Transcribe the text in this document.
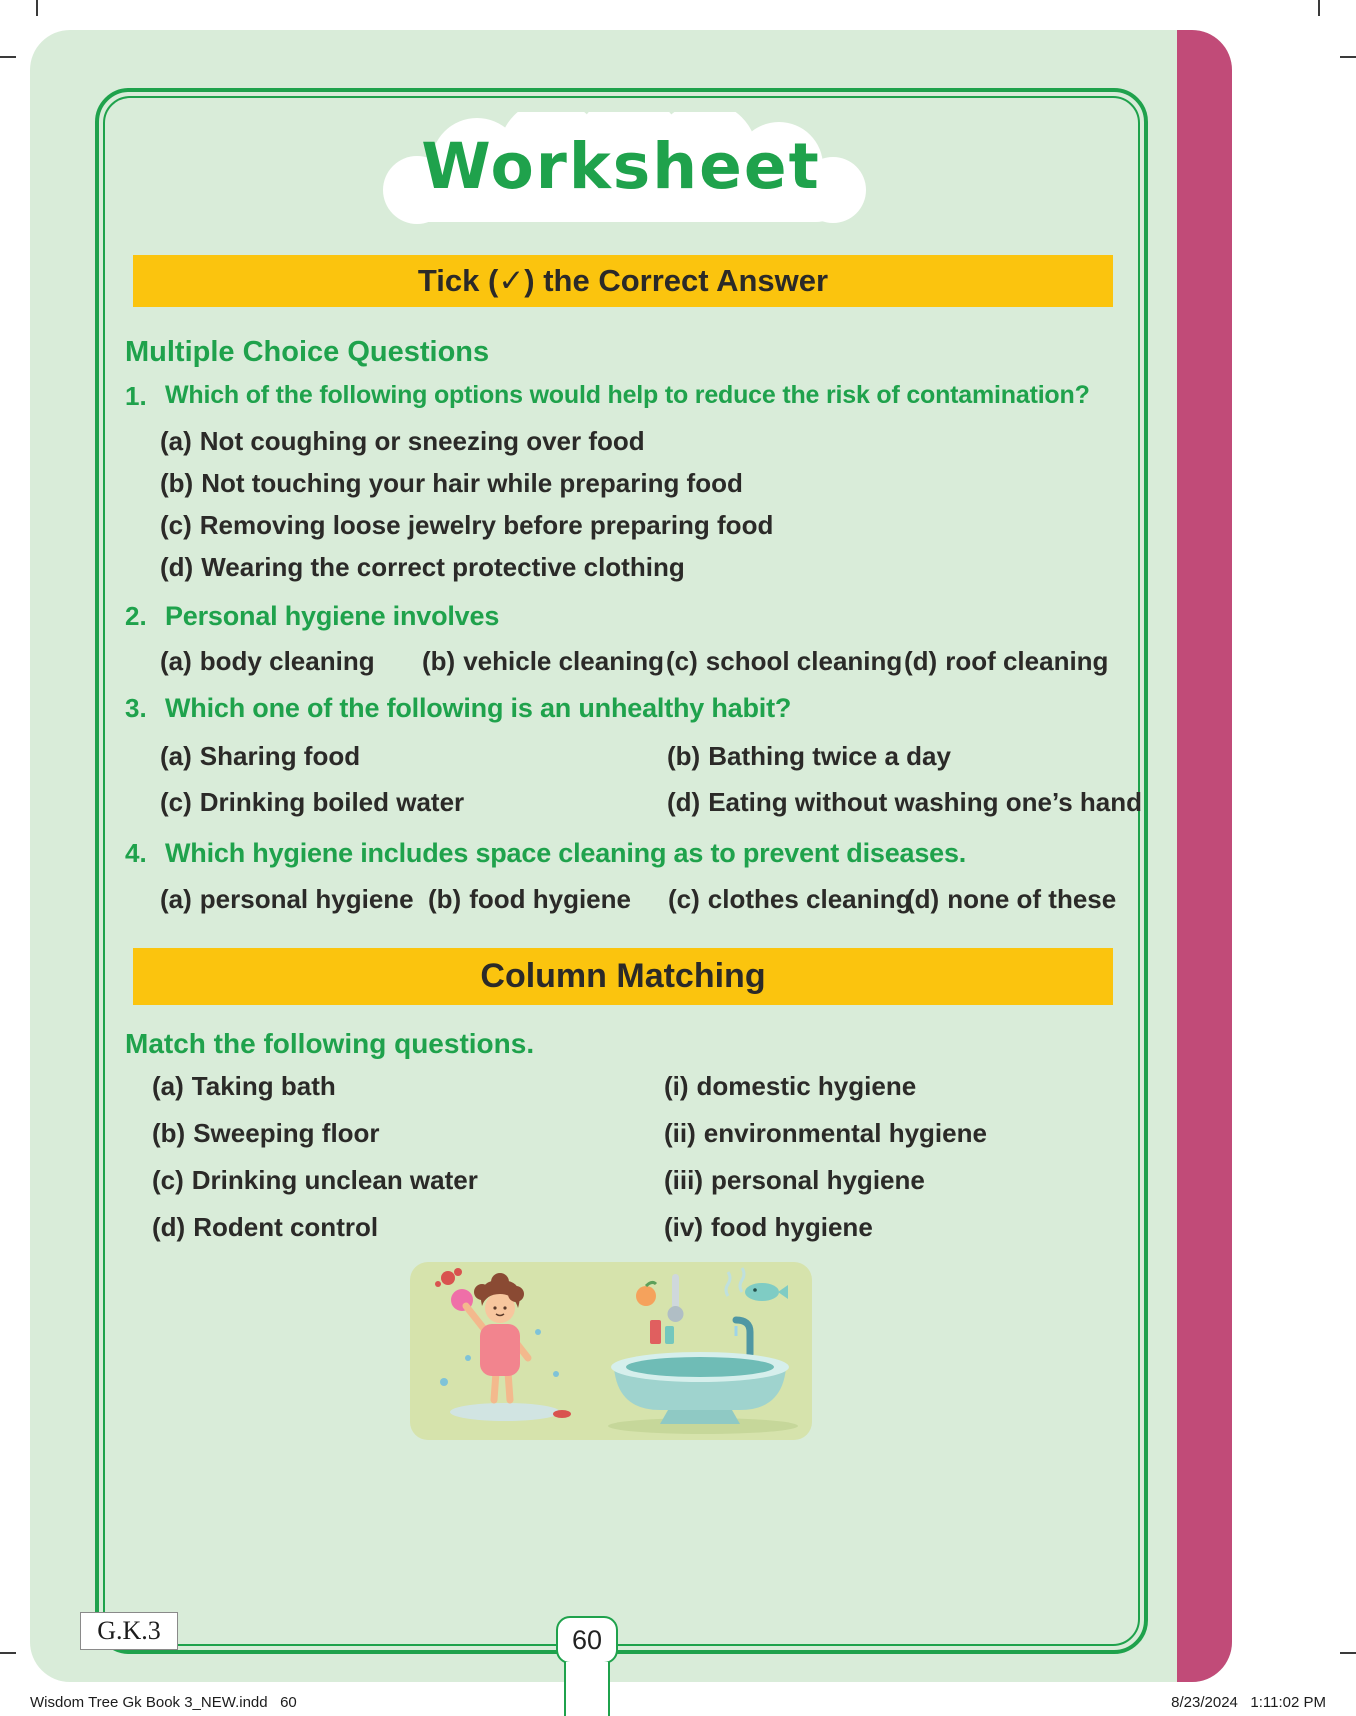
Worksheet
Tick (✓) the Correct Answer
Multiple Choice Questions
1. Which of the following options would help to reduce the risk of contamination?
(a) Not coughing or sneezing over food
(b) Not touching your hair while preparing food
(c) Removing loose jewelry before preparing food
(d) Wearing the correct protective clothing
2. Personal hygiene involves
(a) body cleaning	(b) vehicle cleaning (c) school cleaning (d) roof cleaning
3. Which one of the following is an unhealthy habit?
(a) Sharing food	(b) Bathing twice a day
(c) Drinking boiled water	(d) Eating without washing one’s hand
4. Which hygiene includes space cleaning as to prevent diseases.
(a) personal hygiene (b) food hygiene	(c) clothes cleaning
(d) none of these
Column Matching
Match the following questions.
(a) Taking bath	(i) domestic hygiene
(b) Sweeping floor	(ii) environmental hygiene
(c) Drinking unclean water	(iii) personal hygiene
(d) Rodent control	(iv) food hygiene
G.K.3	60
Wisdom Tree Gk Book 3_NEW.indd   60	8/23/2024   1:11:02 PM
